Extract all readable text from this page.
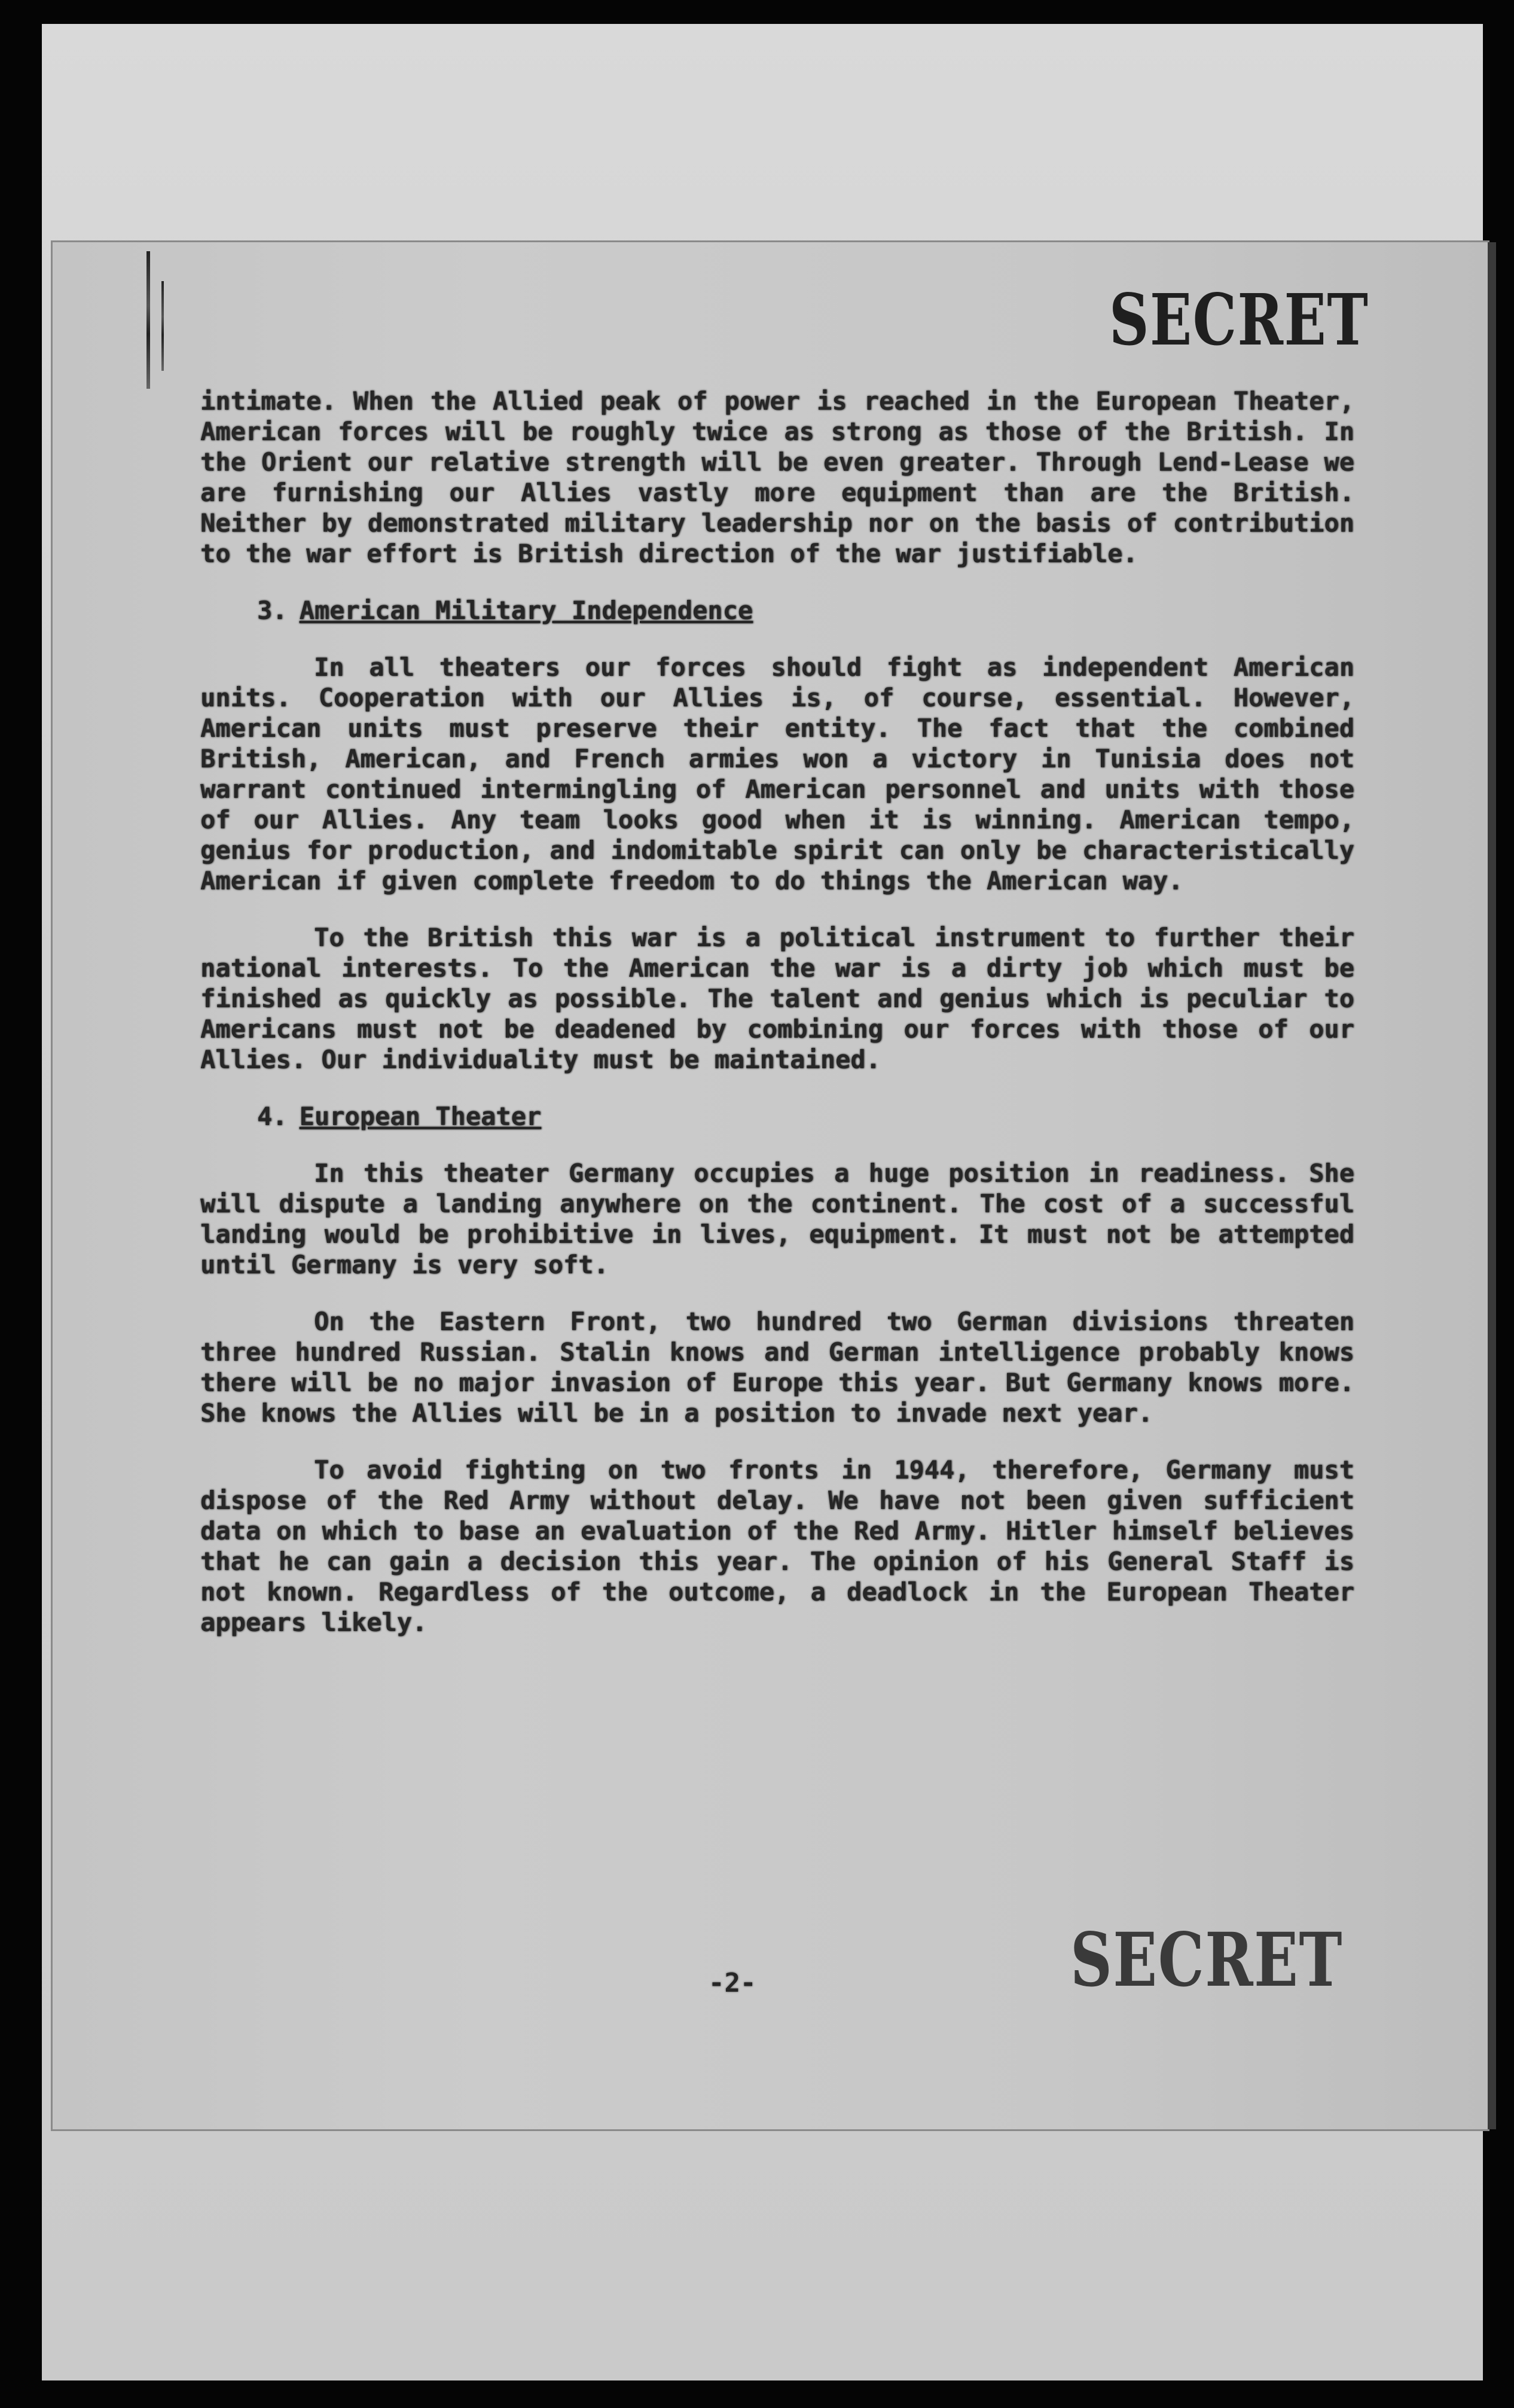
SECRET

intimate. When the Allied peak of power is reached in the European Theater, American forces will be roughly twice as strong as those of the British. In the Orient our relative strength will be even greater. Through Lend-Lease we are furnishing our Allies vastly more equipment than are the British. Neither by demonstrated military leadership nor on the basis of contribution to the war effort is British direction of the war justifiable.

3. American Military Independence

In all theaters our forces should fight as independent American units. Cooperation with our Allies is, of course, essential. However, American units must preserve their entity. The fact that the combined British, American, and French armies won a victory in Tunisia does not warrant continued intermingling of American personnel and units with those of our Allies. Any team looks good when it is winning. American tempo, genius for production, and indomitable spirit can only be characteristically American if given complete freedom to do things the American way.

To the British this war is a political instrument to further their national interests. To the American the war is a dirty job which must be finished as quickly as possible. The talent and genius which is peculiar to Americans must not be deadened by combining our forces with those of our Allies. Our individuality must be maintained.

4. European Theater

In this theater Germany occupies a huge position in readiness. She will dispute a landing anywhere on the continent. The cost of a successful landing would be prohibitive in lives, equipment. It must not be attempted until Germany is very soft.

On the Eastern Front, two hundred two German divisions threaten three hundred Russian. Stalin knows and German intelligence probably knows there will be no major invasion of Europe this year. But Germany knows more. She knows the Allies will be in a position to invade next year.

To avoid fighting on two fronts in 1944, therefore, Germany must dispose of the Red Army without delay. We have not been given sufficient data on which to base an evaluation of the Red Army. Hitler himself believes that he can gain a decision this year. The opinion of his General Staff is not known. Regardless of the outcome, a deadlock in the European Theater appears likely.

-2-	SECRET
